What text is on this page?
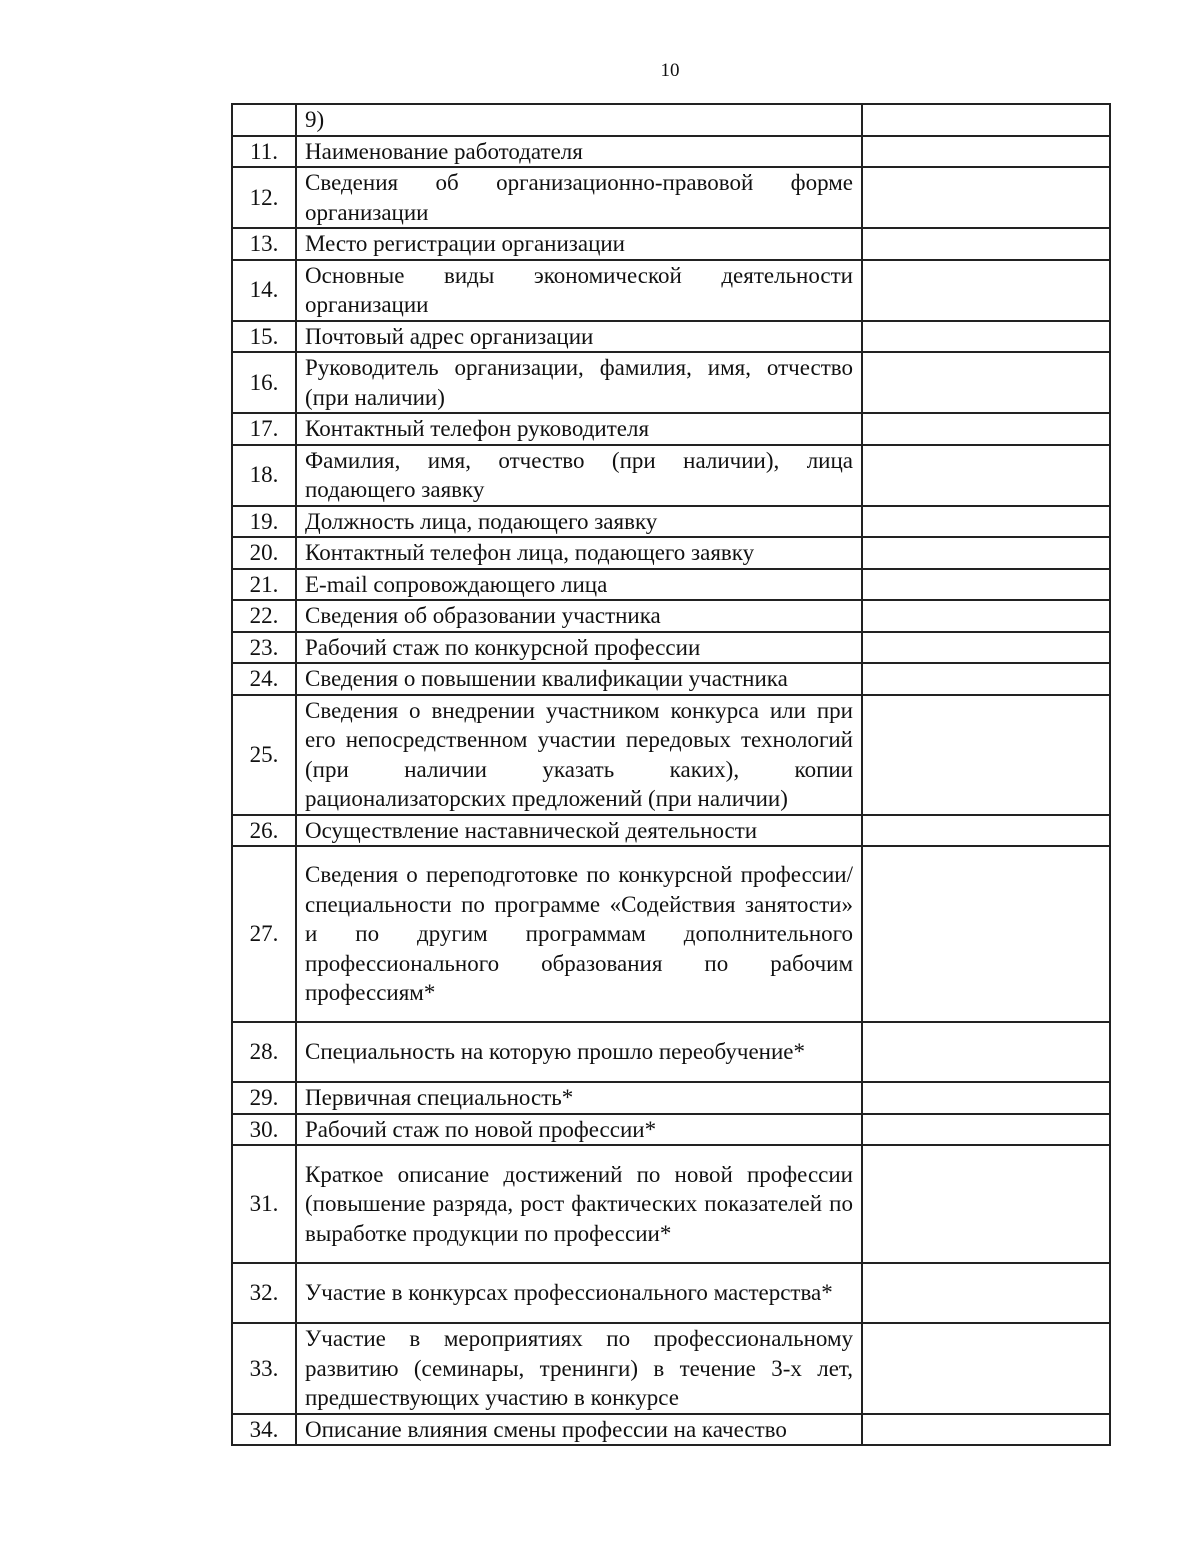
10
	9)	
11.	Наименование работодателя	
12.	Сведения об организационно-правовой форме организации	
13.	Место регистрации организации	
14.	Основные виды экономической деятельности организации	
15.	Почтовый адрес организации	
16.	Руководитель организации, фамилия, имя, отчество (при наличии)	
17.	Контактный телефон руководителя	
18.	Фамилия, имя, отчество (при наличии), лица подающего заявку	
19.	Должность лица, подающего заявку	
20.	Контактный телефон лица, подающего заявку	
21.	E-mail сопровождающего лица	
22.	Сведения об образовании участника	
23.	Рабочий стаж по конкурсной профессии	
24.	Сведения о повышении квалификации участника	
25.	Сведения о внедрении участником конкурса или при его непосредственном участии передовых технологий (при наличии указать каких), копии рационализаторских предложений (при наличии)	
26.	Осуществление наставнической деятельности	
27.	Сведения о переподготовке по конкурсной профессии/ специальности по программе «Содействия занятости» и по другим программам дополнительного профессионального образования по рабочим профессиям*	
28.	Специальность на которую прошло переобучение*	
29.	Первичная специальность*	
30.	Рабочий стаж по новой профессии*	
31.	Краткое описание достижений по новой профессии (повышение разряда, рост фактических показателей по выработке продукции по профессии*	
32.	Участие в конкурсах профессионального мастерства*	
33.	Участие в мероприятиях по профессиональному развитию (семинары, тренинги) в течение 3-х лет, предшествующих участию в конкурсе	
34.	Описание влияния смены профессии на качество	
